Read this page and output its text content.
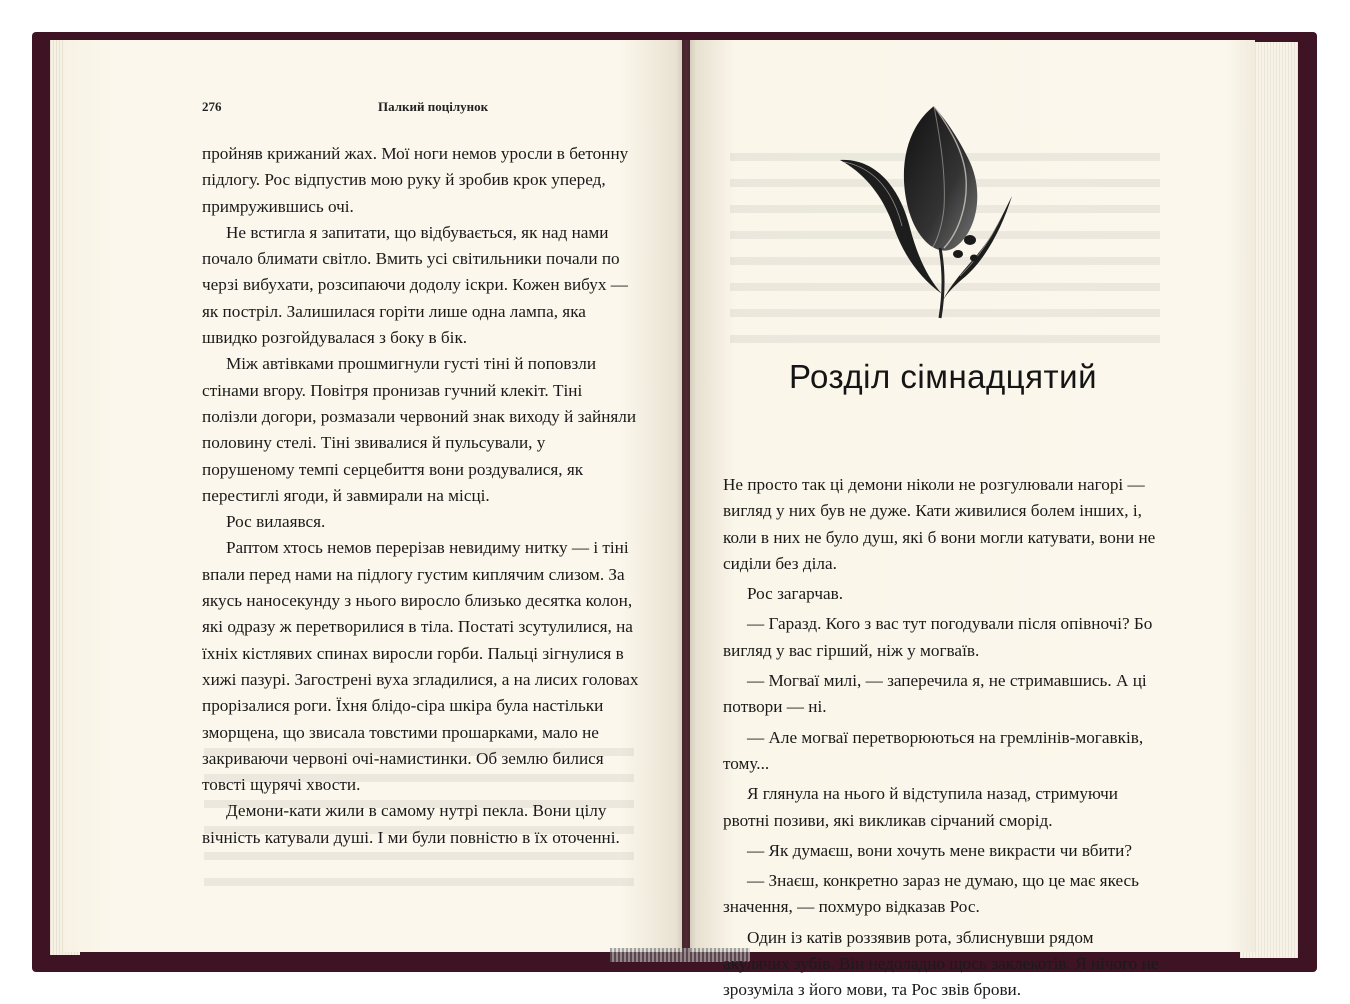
276	Палкий поцілунок

пройняв крижаний жах. Мої ноги немов уросли в бетонну підлогу. Рос відпустив мою руку й зробив крок уперед, примружившись очі.

Не встигла я запитати, що відбувається, як над нами почало блимати світло. Вмить усі світильники почали по черзі вибухати, розсипаючи додолу іскри. Кожен вибух — як постріл. Залишилася горіти лише одна лампа, яка швидко розгойдувалася з боку в бік.

Між автівками прошмигнули густі тіні й поповзли стінами вгору. Повітря пронизав гучний клекіт. Тіні полізли догори, розмазали червоний знак виходу й зайняли половину стелі. Тіні звивалися й пульсували, у порушеному темпі серцебиття вони роздувалися, як перестиглі ягоди, й завмирали на місці.

Рос вилаявся.

Раптом хтось немов перерізав невидиму нитку — і тіні впали перед нами на підлогу густим киплячим слизом. За якусь наносекунду з нього виросло близько десятка колон, які одразу ж перетворилися в тіла. Постаті зсутулилися, на їхніх кістлявих спинах виросли горби. Пальці зігнулися в хижі пазурі. Загострені вуха згладилися, а на лисих головах прорізалися роги. Їхня блідо-сіра шкіра була настільки зморщена, що звисала товстими прошарками, мало не закриваючи червоні очі-намистинки. Об землю билися товсті щурячі хвости.

Демони-кати жили в самому нутрі пекла. Вони цілу вічність катували душі. І ми були повністю в їх оточенні.

Розділ сімнадцятий

Не просто так ці демони ніколи не розгулювали нагорі — вигляд у них був не дуже. Кати живилися болем інших, і, коли в них не було душ, які б вони могли катувати, вони не сиділи без діла.

Рос загарчав.

— Гаразд. Кого з вас тут погодували після опівночі? Бо вигляд у вас гірший, ніж у могваїв.

— Могваї милі, — заперечила я, не стримавшись. А ці потвори — ні.

— Але могваї перетворюються на гремлінів-могавків, тому...

Я глянула на нього й відступила назад, стримуючи рвотні позиви, які викликав сірчаний сморід.

— Як думаєш, вони хочуть мене викрасти чи вбити?

— Знаєш, конкретно зараз не думаю, що це має якесь значення, — похмуро відказав Рос.

Один із катів роззявив рота, зблиснувши рядом акулячих зубів. Він недоладно щось заклекотів. Я нічого не зрозуміла з його мови, та Рос звів брови.
